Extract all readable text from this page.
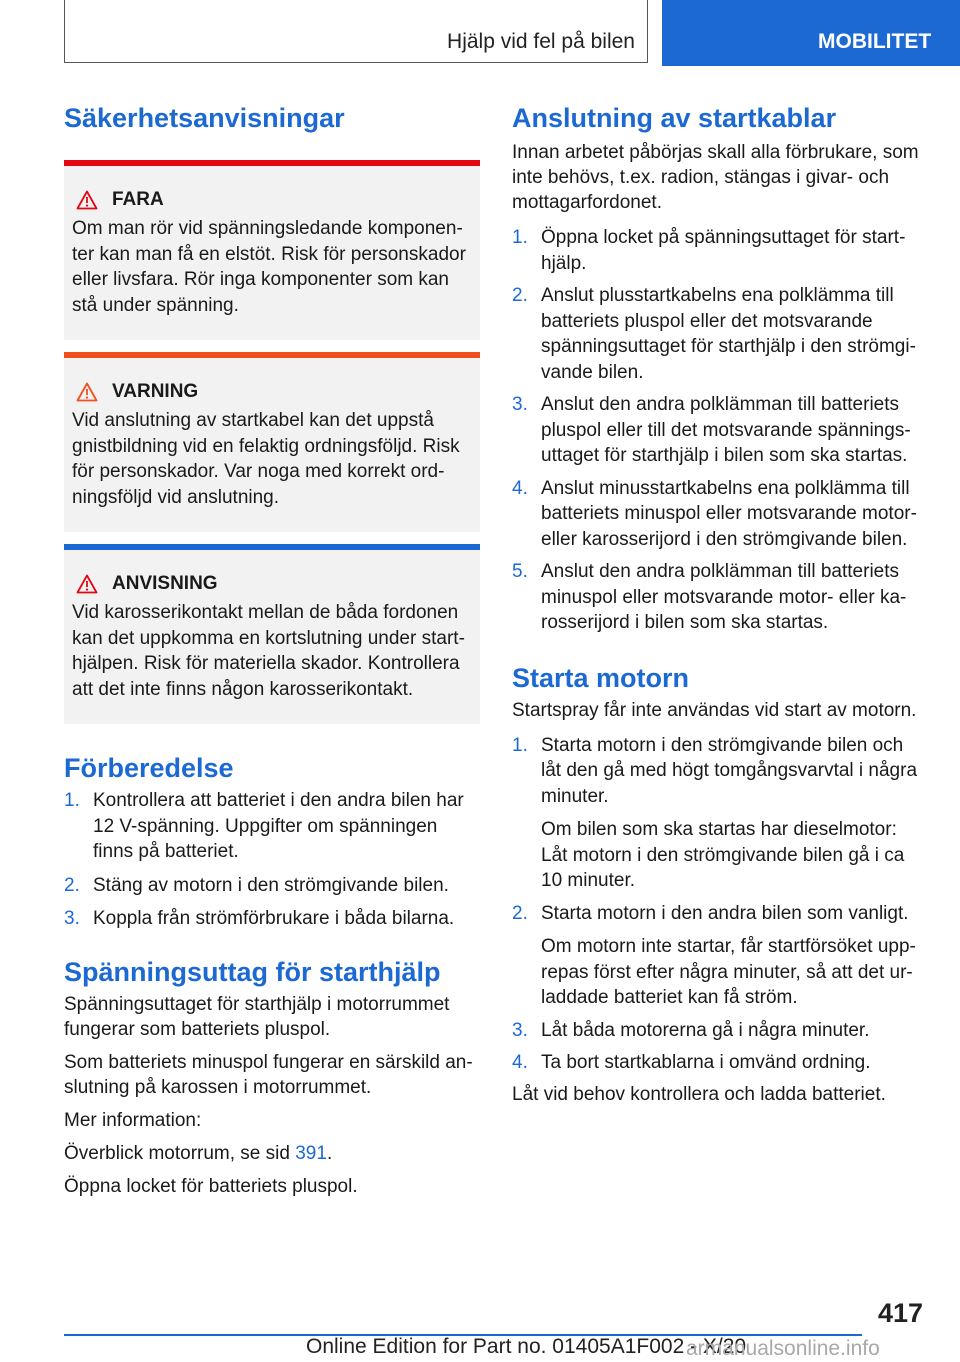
Hjälp vid fel på bilen	MOBILITET
Säkerhetsanvisningar
FARA

Om man rör vid spänningsledande komponenter kan man få en elstöt. Risk för personskador eller livsfara. Rör inga komponenter som kan stå under spänning.

VARNING

Vid anslutning av startkabel kan det uppstå gnistbildning vid en felaktig ordningsföljd. Risk för personskador. Var noga med korrekt ordningsföljd vid anslutning.

ANVISNING

Vid karosserikontakt mellan de båda fordonen kan det uppkomma en kortslutning under starthjälpen. Risk för materiella skador. Kontrollera att det inte finns någon karosserikontakt.

Förberedelse
1. Kontrollera att batteriet i den andra bilen har 12 V-spänning. Uppgifter om spänningen finns på batteriet.
2. Stäng av motorn i den strömgivande bilen.
3. Koppla från strömförbrukare i båda bilarna.
Spänningsuttag för starthjälp

Spänningsuttaget för starthjälp i motorrummet fungerar som batteriets pluspol.

Som batteriets minuspol fungerar en särskild anslutning på karossen i motorrummet.

Mer information:

Överblick motorrum, se sid 391.

Öppna locket för batteriets pluspol.

Anslutning av startkablar

Innan arbetet påbörjas skall alla förbrukare, som inte behövs, t.ex. radion, stängas i givar- och mottagarfordonet.

1. Öppna locket på spänningsuttaget för starthjälp.
2. Anslut plusstartkabelns ena polklämma till batteriets pluspol eller det motsvarande spänningsuttaget för starthjälp i den strömgivande bilen.
3. Anslut den andra polklämman till batteriets pluspol eller till det motsvarande spänningsuttaget för starthjälp i bilen som ska startas.
4. Anslut minusstartkabelns ena polklämma till batteriets minuspol eller motsvarande motor- eller karosserijord i den strömgivande bilen.
5. Anslut den andra polklämman till batteriets minuspol eller motsvarande motor- eller karosserijord i bilen som ska startas.
Starta motorn

Startspray får inte användas vid start av motorn.

1. Starta motorn i den strömgivande bilen och låt den gå med högt tomgångsvarvtal i några minuter.
Om bilen som ska startas har dieselmotor: Låt motorn i den strömgivande bilen gå i ca 10 minuter.
2. Starta motorn i den andra bilen som vanligt.
Om motorn inte startar, får startförsöket upprepas först efter några minuter, så att det urladdade batteriet kan få ström.
3. Låt båda motorerna gå i några minuter.
4. Ta bort startkablarna i omvänd ordning.

Låt vid behov kontrollera och ladda batteriet.

417
Online Edition for Part no. 01405A1F002 - X/20
armanualsonline.info
